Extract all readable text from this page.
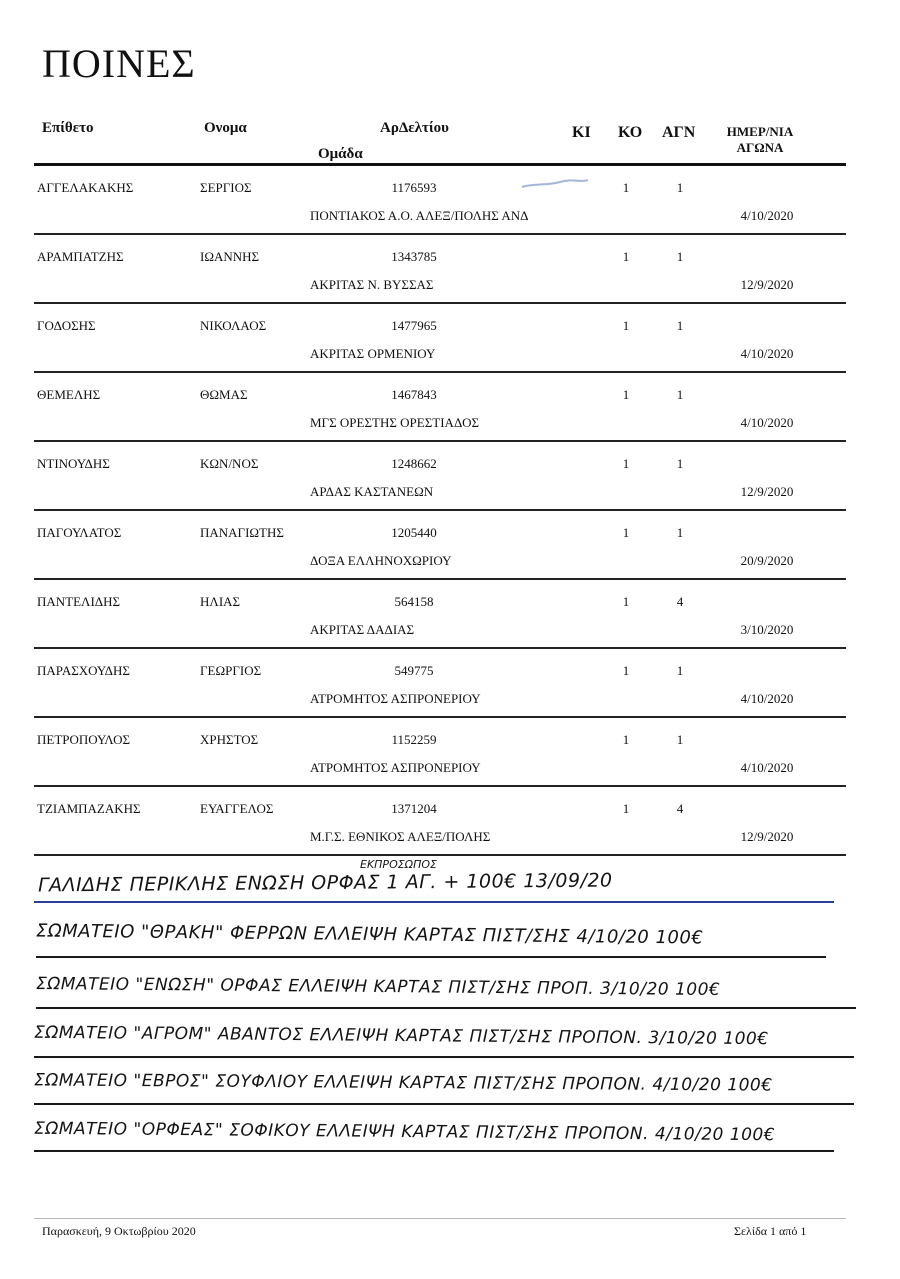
ΠΟΙΝΕΣ
Επίθετο	Ονομα	ΑρΔελτίου
Ομάδα
ΚΙ ΚΟ ΑΓΝ	ΗΜΕΡ/ΝΙΑ
ΑΓΩΝΑ
ΑΓΓΕΛΑΚΑΚΗΣ	ΣΕΡΓΙΟΣ	1176593	1	1
ΠΟΝΤΙΑΚΟΣ Α.Ο. ΑΛΕΞ/ΠΟΛΗΣ ΑΝΔ	4/10/2020
ΑΡΑΜΠΑΤΖΗΣ	ΙΩΑΝΝΗΣ	1343785	1	1
ΑΚΡΙΤΑΣ Ν. ΒΥΣΣΑΣ	12/9/2020
ΓΟΔΟΣΗΣ	ΝΙΚΟΛΑΟΣ	1477965	1	1
ΑΚΡΙΤΑΣ ΟΡΜΕΝΙΟΥ	4/10/2020
ΘΕΜΕΛΗΣ	ΘΩΜΑΣ	1467843	1	1
ΜΓΣ ΟΡΕΣΤΗΣ ΟΡΕΣΤΙΑΔΟΣ	4/10/2020
ΝΤΙΝΟΥΔΗΣ	ΚΩΝ/ΝΟΣ	1248662	1	1
ΑΡΔΑΣ ΚΑΣΤΑΝΕΩΝ	12/9/2020
ΠΑΓΟΥΛΑΤΟΣ	ΠΑΝΑΓΙΩΤΗΣ	1205440	1	1
ΔΟΞΑ ΕΛΛΗΝΟΧΩΡΙΟΥ	20/9/2020
ΠΑΝΤΕΛΙΔΗΣ	ΗΛΙΑΣ	564158	1	4
ΑΚΡΙΤΑΣ ΔΑΔΙΑΣ	3/10/2020
ΠΑΡΑΣΧΟΥΔΗΣ	ΓΕΩΡΓΙΟΣ	549775	1	1
ΑΤΡΟΜΗΤΟΣ ΑΣΠΡΟΝΕΡΙΟΥ	4/10/2020
ΠΕΤΡΟΠΟΥΛΟΣ	ΧΡΗΣΤΟΣ	1152259	1	1
ΑΤΡΟΜΗΤΟΣ ΑΣΠΡΟΝΕΡΙΟΥ	4/10/2020
ΤΖΙΑΜΠΑΖΑΚΗΣ	ΕΥΑΓΓΕΛΟΣ	1371204	1	4
Μ.Γ.Σ. ΕΘΝΙΚΟΣ ΑΛΕΞ/ΠΟΛΗΣ	12/9/2020
ΕΚΠΡΟΣΩΠΟΣ
ΓΑΛΙΔΗΣ ΠΕΡΙΚΛΗΣ ΕΝΩΣΗ ΟΡΦΑΣ 1 ΑΓ. + 100€ 13/09/20
ΣΩΜΑΤΕΙΟ "ΘΡΑΚΗ" ΦΕΡΡΩΝ ΕΛΛΕΙΨΗ ΚΑΡΤΑΣ ΠΙΣΤ/ΣΗΣ 4/10/20 100€
ΣΩΜΑΤΕΙΟ "ΕΝΩΣΗ" ΟΡΦΑΣ ΕΛΛΕΙΨΗ ΚΑΡΤΑΣ ΠΙΣΤ/ΣΗΣ ΠΡΟΠ. 3/10/20 100€
ΣΩΜΑΤΕΙΟ "ΑΓΡΟΜ" ΑΒΑΝΤΟΣ ΕΛΛΕΙΨΗ ΚΑΡΤΑΣ ΠΙΣΤ/ΣΗΣ ΠΡΟΠΟΝ. 3/10/20 100€
ΣΩΜΑΤΕΙΟ "ΕΒΡΟΣ" ΣΟΥΦΛΙΟΥ ΕΛΛΕΙΨΗ ΚΑΡΤΑΣ ΠΙΣΤ/ΣΗΣ ΠΡΟΠΟΝ. 4/10/20 100€
ΣΩΜΑΤΕΙΟ "ΟΡΦΕΑΣ" ΣΟΦΙΚΟΥ ΕΛΛΕΙΨΗ ΚΑΡΤΑΣ ΠΙΣΤ/ΣΗΣ ΠΡΟΠΟΝ. 4/10/20 100€
Παρασκευή, 9 Οκτωβρίου 2020	Σελίδα 1 από 1
